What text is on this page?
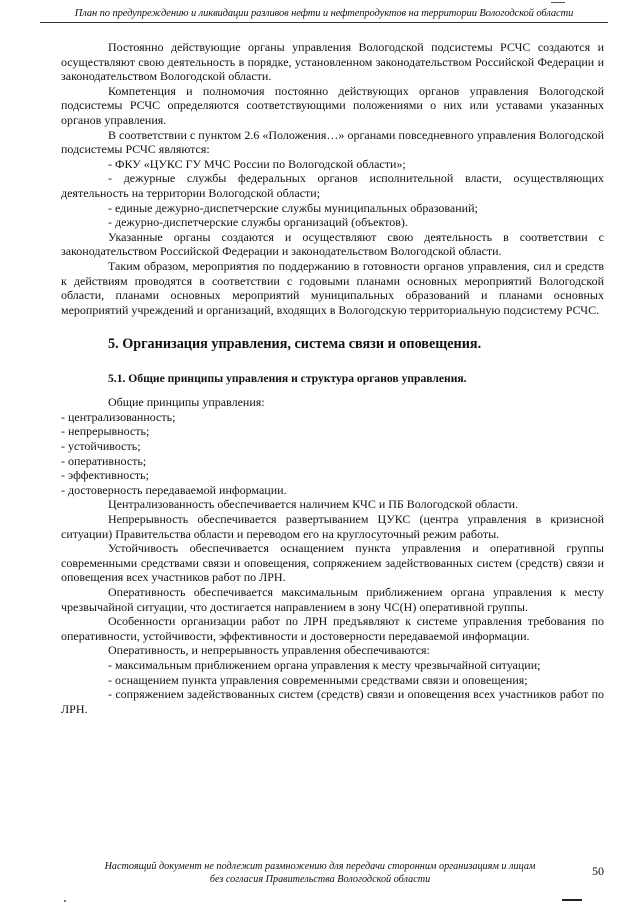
План по предупреждению и ликвидации разливов нефти и нефтепродуктов на территории Вологодской области

Постоянно действующие органы управления Вологодской подсистемы РСЧС создаются и осуществляют свою деятельность в порядке, установленном законодательством Российской Федерации и законодательством Вологодской области.

Компетенция и полномочия постоянно действующих органов управления Вологодской подсистемы РСЧС определяются соответствующими положениями о них или уставами указанных органов управления.

В соответствии с пунктом 2.6 «Положения…» органами повседневного управления Вологодской подсистемы РСЧС являются:

- ФКУ «ЦУКС ГУ МЧС России по Вологодской области»;

- дежурные службы федеральных органов исполнительной власти, осуществляющих деятельность на территории Вологодской области;

- единые дежурно-диспетчерские службы муниципальных образований;

- дежурно-диспетчерские службы организаций (объектов).

Указанные органы создаются и осуществляют свою деятельность в соответствии с законодательством Российской Федерации и законодательством Вологодской области.

Таким образом, мероприятия по поддержанию в готовности органов управления, сил и средств к действиям проводятся в соответствии с годовыми планами основных мероприятий Вологодской области, планами основных мероприятий муниципальных образований и планами основных мероприятий учреждений и организаций, входящих в Вологодскую территориальную подсистему РСЧС.

5. Организация управления, система связи и оповещения.
5.1. Общие принципы управления и структура органов управления.

Общие принципы управления:

- централизованность;

- непрерывность;

- устойчивость;

- оперативность;

- эффективность;

- достоверность передаваемой информации.

Централизованность обеспечивается наличием КЧС и ПБ Вологодской области.

Непрерывность обеспечивается развертыванием ЦУКС (центра управления в кризисной ситуации) Правительства области и переводом его на круглосуточный режим работы.

Устойчивость обеспечивается оснащением пункта управления и оперативной группы современными средствами связи и оповещения, сопряжением задействованных систем (средств) связи и оповещения всех участников работ по ЛРН.

Оперативность обеспечивается максимальным приближением органа управления к месту чрезвычайной ситуации, что достигается направлением в зону ЧС(Н) оперативной группы.

Особенности организации работ по ЛРН предъявляют к системе управления требования по оперативности, устойчивости, эффективности и достоверности передаваемой информации.

Оперативность, и непрерывность управления обеспечиваются:

- максимальным приближением органа управления к месту чрезвычайной ситуации;

- оснащением пункта управления современными средствами связи и оповещения;

- сопряжением задействованных систем (средств) связи и оповещения всех участников работ по ЛРН.

Настоящий документ не подлежит размножению для передачи сторонним организациям и лицам
без согласия Правительства Вологодской области
50
